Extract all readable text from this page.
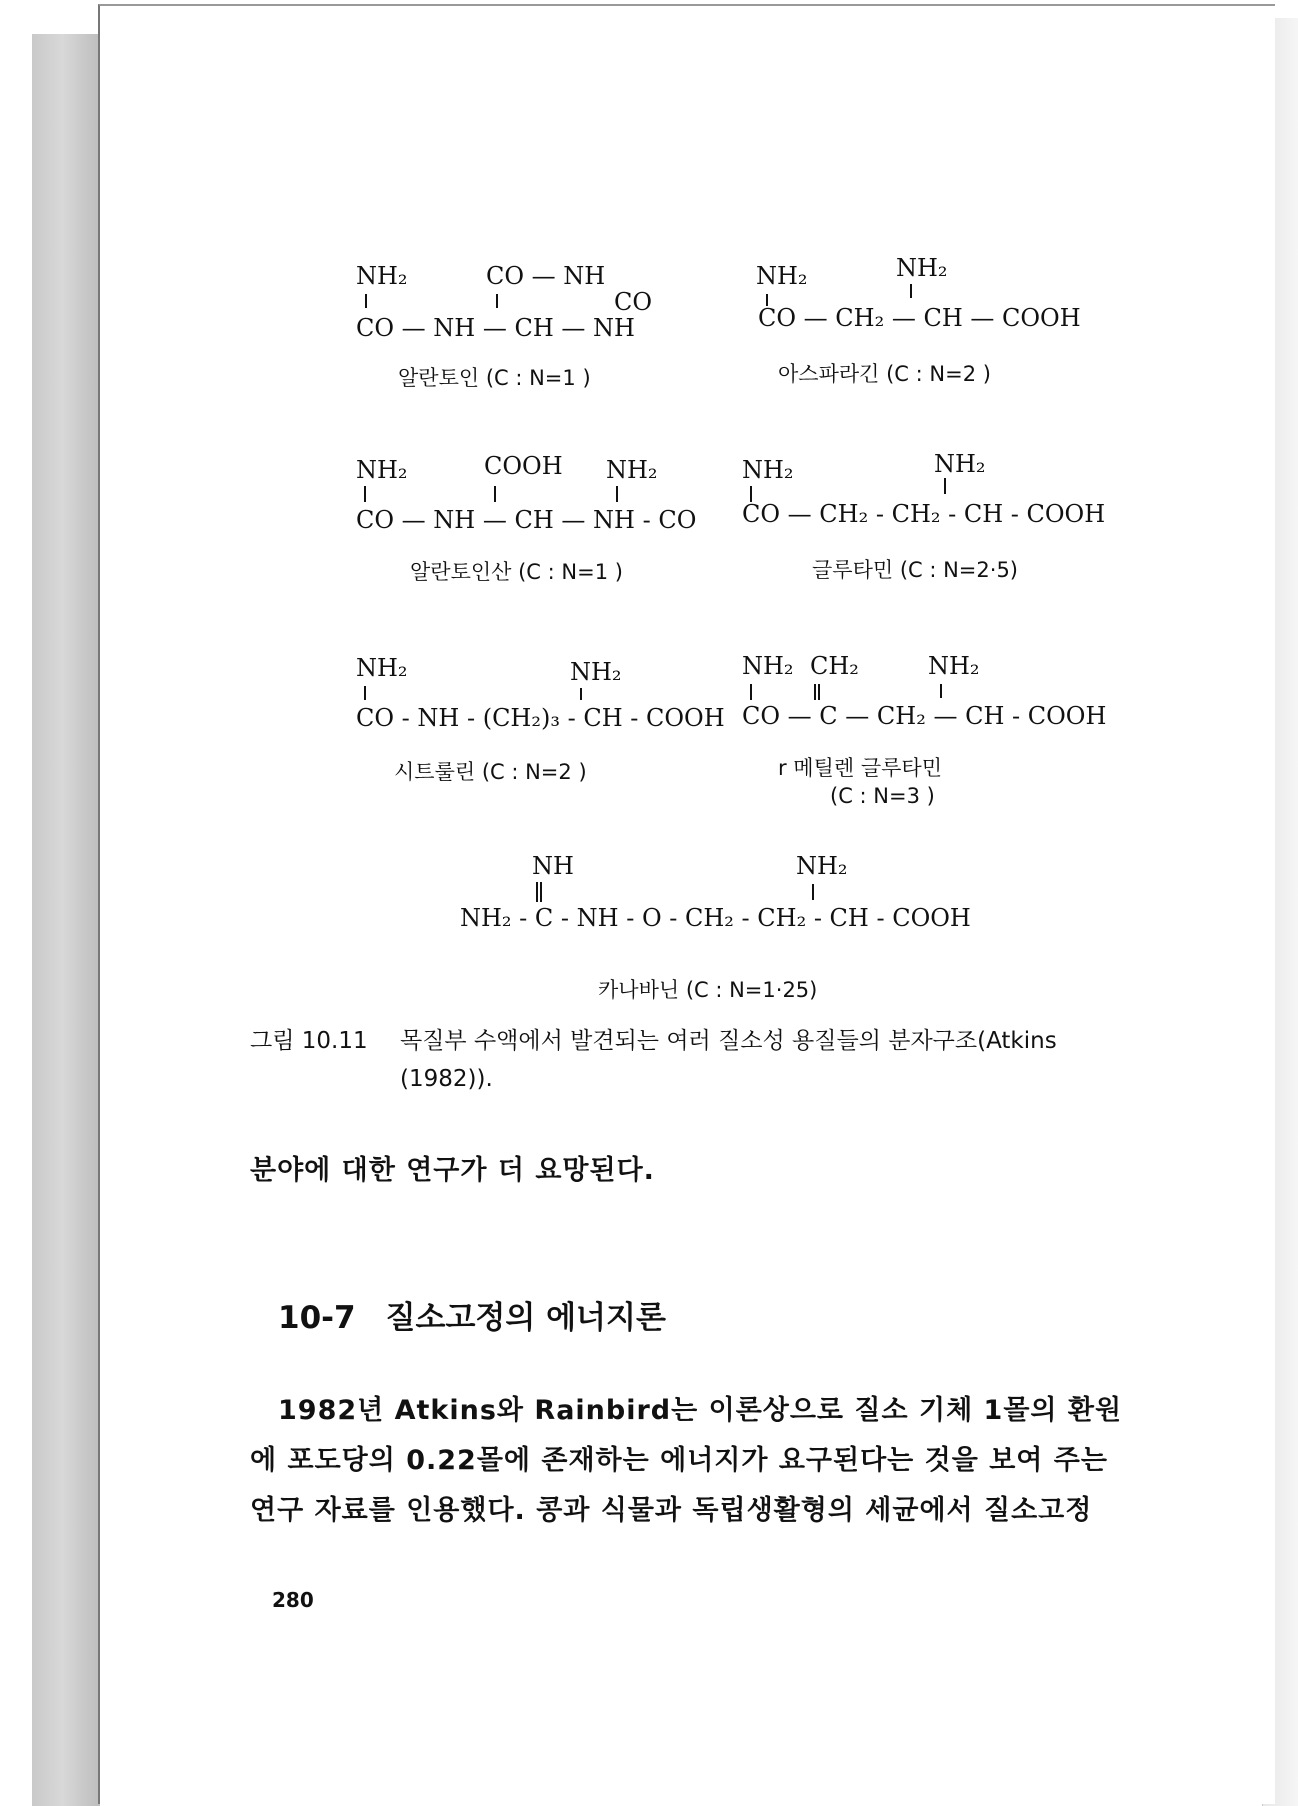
NH₂	CO — NH
CO
CO — NH — CH — NH
알란토인 (C : N=1 )
NH₂	NH₂
CO — CH₂ — CH — COOH
아스파라긴 (C : N=2 )
NH₂	COOH NH₂
CO — NH — CH — NH - CO
알란토인산 (C : N=1 )
NH₂	NH₂
CO — CH₂ - CH₂ - CH - COOH
글루타민 (C : N=2·5)
NH₂	NH₂
CO - NH - (CH₂)₃ - CH - COOH
시트룰린 (C : N=2 )
NH₂ CH₂	NH₂
CO — C — CH₂ — CH - COOH
r 메틸렌 글루타민
(C : N=3 )
NH	NH₂
NH₂ - C - NH - O - CH₂ - CH₂ - CH - COOH
카나바닌 (C : N=1·25)
그림 10.11 목질부 수액에서 발견되는 여러 질소성 용질들의 분자구조(Atkins
(1982)).
분야에 대한 연구가 더 요망된다.
10-7 질소고정의 에너지론
1982년 Atkins와 Rainbird는 이론상으로 질소 기체 1몰의 환원
에 포도당의 0.22몰에 존재하는 에너지가 요구된다는 것을 보여 주는
연구 자료를 인용했다. 콩과 식물과 독립생활형의 세균에서 질소고정
280
